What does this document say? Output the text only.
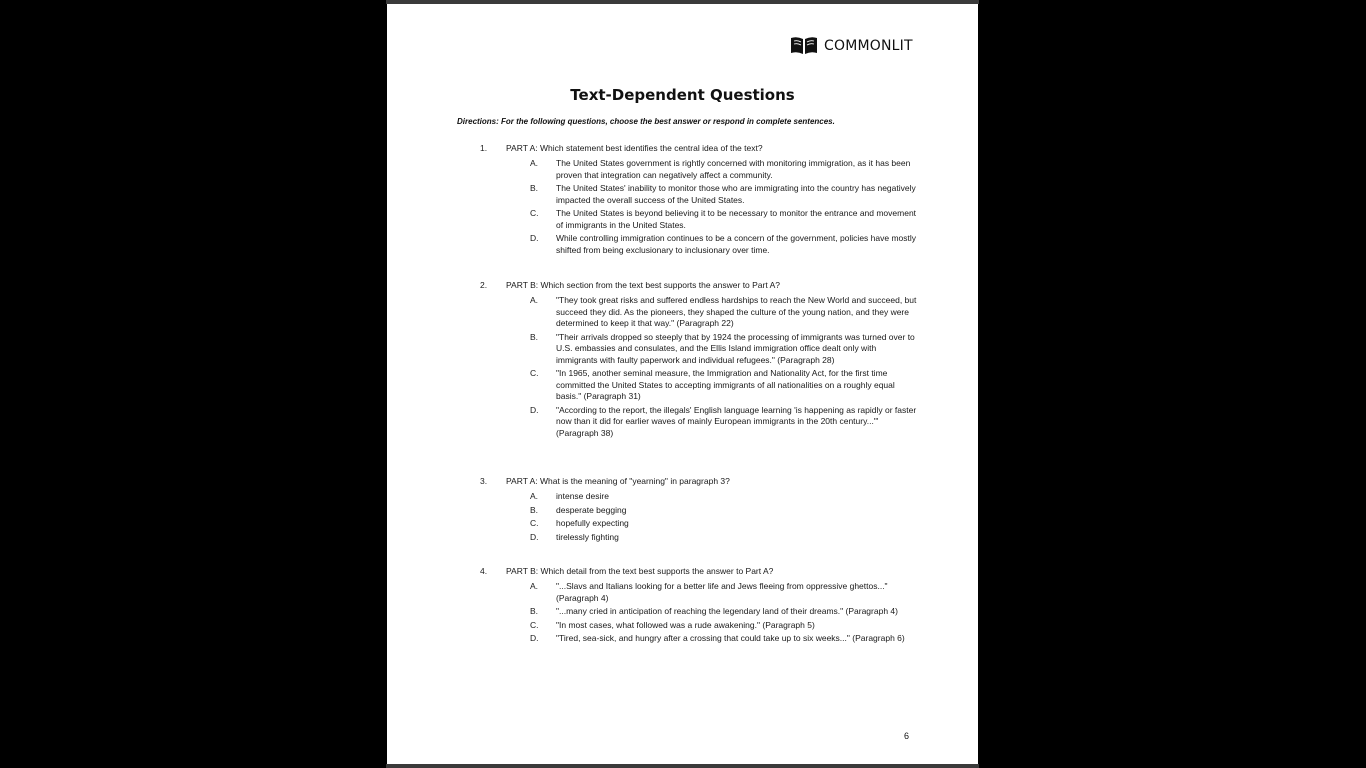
COMMONLIT
Text-Dependent Questions
Directions: For the following questions, choose the best answer or respond in complete sentences.
1. PART A: Which statement best identifies the central idea of the text?
A. The United States government is rightly concerned with monitoring immigration, as it has been proven that integration can negatively affect a community.
B. The United States' inability to monitor those who are immigrating into the country has negatively impacted the overall success of the United States.
C. The United States is beyond believing it to be necessary to monitor the entrance and movement of immigrants in the United States.
D. While controlling immigration continues to be a concern of the government, policies have mostly shifted from being exclusionary to inclusionary over time.
2. PART B: Which section from the text best supports the answer to Part A?
A. "They took great risks and suffered endless hardships to reach the New World and succeed, but succeed they did. As the pioneers, they shaped the culture of the young nation, and they were determined to keep it that way." (Paragraph 22)
B. "Their arrivals dropped so steeply that by 1924 the processing of immigrants was turned over to U.S. embassies and consulates, and the Ellis Island immigration office dealt only with immigrants with faulty paperwork and individual refugees." (Paragraph 28)
C. "In 1965, another seminal measure, the Immigration and Nationality Act, for the first time committed the United States to accepting immigrants of all nationalities on a roughly equal basis." (Paragraph 31)
D. "According to the report, the illegals' English language learning 'is happening as rapidly or faster now than it did for earlier waves of mainly European immigrants in the 20th century...'" (Paragraph 38)
3. PART A: What is the meaning of "yearning" in paragraph 3?
A. intense desire
B. desperate begging
C. hopefully expecting
D. tirelessly fighting
4. PART B: Which detail from the text best supports the answer to Part A?
A. "...Slavs and Italians looking for a better life and Jews fleeing from oppressive ghettos..." (Paragraph 4)
B. "...many cried in anticipation of reaching the legendary land of their dreams." (Paragraph 4)
C. "In most cases, what followed was a rude awakening." (Paragraph 5)
D. "Tired, sea-sick, and hungry after a crossing that could take up to six weeks..." (Paragraph 6)
6
